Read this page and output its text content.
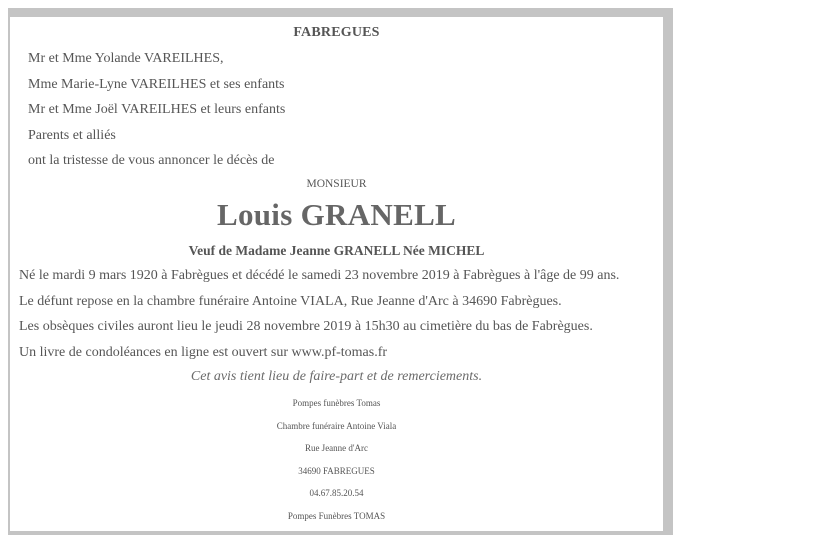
FABREGUES
Mr et Mme Yolande VAREILHES,
Mme Marie-Lyne VAREILHES et ses enfants
Mr et Mme Joël VAREILHES et leurs enfants
Parents et alliés
ont la tristesse de vous annoncer le décès de
MONSIEUR
Louis GRANELL
Veuf de Madame Jeanne GRANELL Née MICHEL
Né le mardi 9 mars 1920 à Fabrègues et décédé le samedi 23 novembre 2019 à Fabrègues à l'âge de 99 ans.
Le défunt repose en la chambre funéraire Antoine VIALA, Rue Jeanne d'Arc à 34690 Fabrègues.
Les obsèques civiles auront lieu le jeudi 28 novembre 2019 à 15h30 au cimetière du bas de Fabrègues.
Un livre de condoléances en ligne est ouvert sur www.pf-tomas.fr
Cet avis tient lieu de faire-part et de remerciements.
Pompes funèbres Tomas
Chambre funéraire Antoine Viala
Rue Jeanne d'Arc
34690 FABREGUES
04.67.85.20.54
Pompes Funèbres TOMAS
